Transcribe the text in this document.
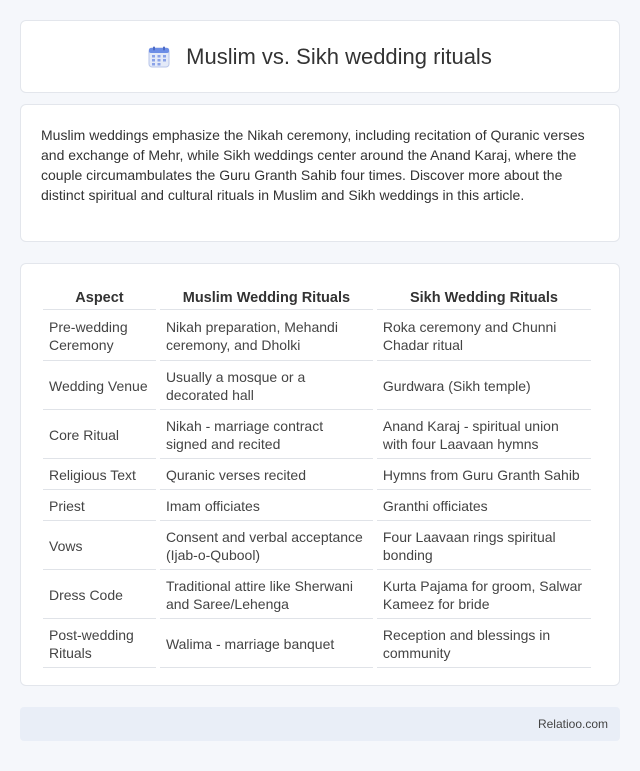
Muslim vs. Sikh wedding rituals

Muslim weddings emphasize the Nikah ceremony, including recitation of Quranic verses and exchange of Mehr, while Sikh weddings center around the Anand Karaj, where the couple circumambulates the Guru Granth Sahib four times. Discover more about the distinct spiritual and cultural rituals in Muslim and Sikh weddings in this article.

Aspect	Muslim Wedding Rituals	Sikh Wedding Rituals
Pre-wedding Ceremony	Nikah preparation, Mehandi ceremony, and Dholki	Roka ceremony and Chunni Chadar ritual
Wedding Venue	Usually a mosque or a decorated hall	Gurdwara (Sikh temple)
Core Ritual	Nikah - marriage contract signed and recited	Anand Karaj - spiritual union with four Laavaan hymns
Religious Text	Quranic verses recited	Hymns from Guru Granth Sahib
Priest	Imam officiates	Granthi officiates
Vows	Consent and verbal acceptance (Ijab-o-Qubool)	Four Laavaan rings spiritual bonding
Dress Code	Traditional attire like Sherwani and Saree/Lehenga	Kurta Pajama for groom, Salwar Kameez for bride
Post-wedding Rituals	Walima - marriage banquet	Reception and blessings in community
Relatioo.com
